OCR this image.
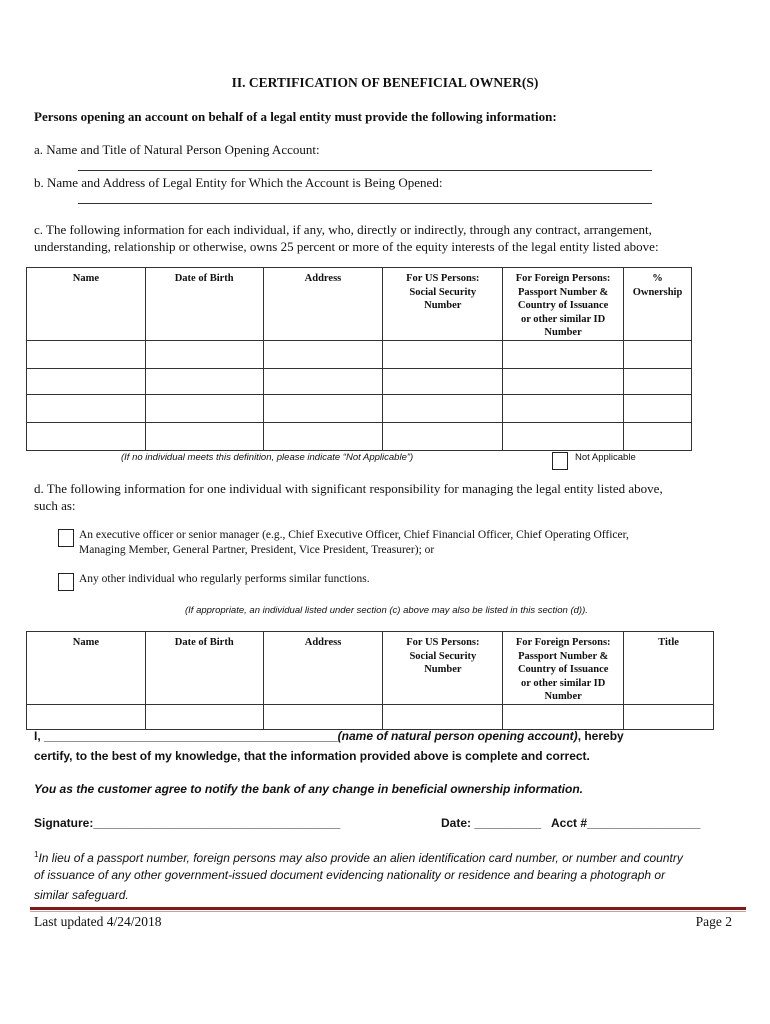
II. CERTIFICATION OF BENEFICIAL OWNER(S)
Persons opening an account on behalf of a legal entity must provide the following information:
a. Name and Title of Natural Person Opening Account:
b. Name and Address of Legal Entity for Which the Account is Being Opened:
c. The following information for each individual, if any, who, directly or indirectly, through any contract, arrangement,
understanding, relationship or otherwise, owns 25 percent or more of the equity interests of the legal entity listed above:
Name	Date of Birth	Address	For US Persons:
Social Security
Number	For Foreign Persons:
Passport Number &
Country of Issuance
or other similar ID
Number	%
Ownership

(If no individual meets this definition, please indicate “Not Applicable”)	Not Applicable
d. The following information for one individual with significant responsibility for managing the legal entity listed above,
such as:
An executive officer or senior manager (e.g., Chief Executive Officer, Chief Financial Officer, Chief Operating Officer,
Managing Member, General Partner, President, Vice President, Treasurer); or
Any other individual who regularly performs similar functions.
(If appropriate, an individual listed under section (c) above may also be listed in this section (d)).
Name	Date of Birth	Address	For US Persons:
Social Security
Number	For Foreign Persons:
Passport Number &
Country of Issuance
or other similar ID
Number	Title

I, ____________________________________________(name of natural person opening account), hereby
certify, to the best of my knowledge, that the information provided above is complete and correct.
You as the customer agree to notify the bank of any change in beneficial ownership information.
Signature:_____________________________________	Date: __________ Acct #_________________
$^1$In lieu of a passport number, foreign persons may also provide an alien identification card number, or number and country
of issuance of any other government-issued document evidencing nationality or residence and bearing a photograph or
similar safeguard.
Last updated 4/24/2018	Page 2
